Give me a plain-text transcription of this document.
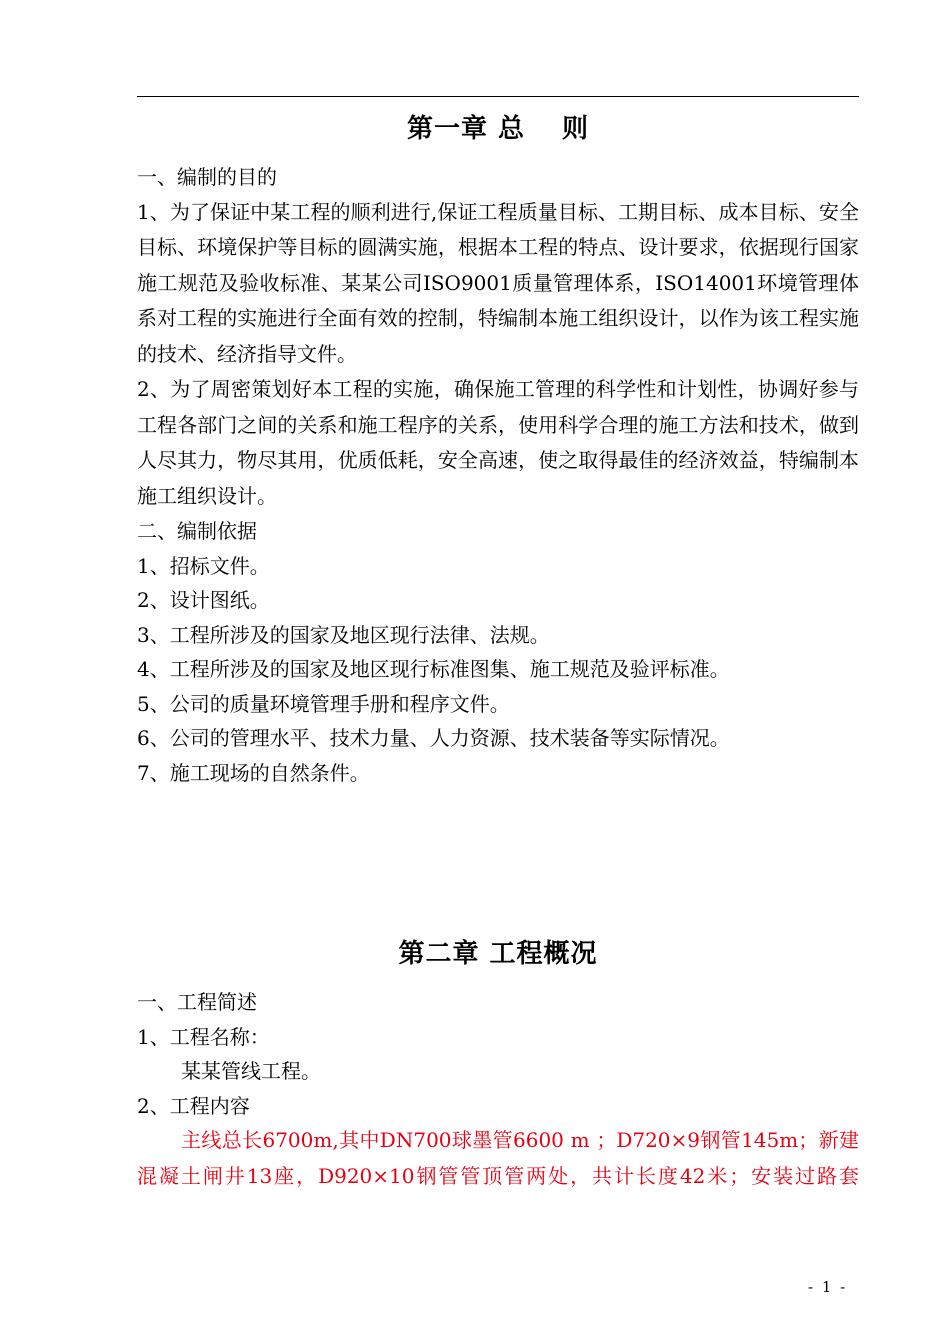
第一章 总　 则

一、编制的目的

1、为了保证中某工程的顺利进行,保证工程质量目标、工期目标、成本目标、安全目标、环境保护等目标的圆满实施，根据本工程的特点、设计要求，依据现行国家施工规范及验收标准、某某公司ISO9001质量管理体系，ISO14001环境管理体系对工程的实施进行全面有效的控制，特编制本施工组织设计，以作为该工程实施的技术、经济指导文件。

2、为了周密策划好本工程的实施，确保施工管理的科学性和计划性，协调好参与工程各部门之间的关系和施工程序的关系，使用科学合理的施工方法和技术，做到人尽其力，物尽其用，优质低耗，安全高速，使之取得最佳的经济效益，特编制本施工组织设计。

二、编制依据

1、招标文件。

2、设计图纸。

3、工程所涉及的国家及地区现行法律、法规。

4、工程所涉及的国家及地区现行标准图集、施工规范及验评标准。

5、公司的质量环境管理手册和程序文件。

6、公司的管理水平、技术力量、人力资源、技术装备等实际情况。

7、施工现场的自然条件。

第二章 工程概况

一、工程简述

1、工程名称：

某某管线工程。

2、工程内容

主线总长6700m,其中DN700球墨管6600 m ；D720×9钢管145m；新建混凝土闸井13座，D920×10钢管管顶管两处，共计长度42米；安装过路套

- 1 -
